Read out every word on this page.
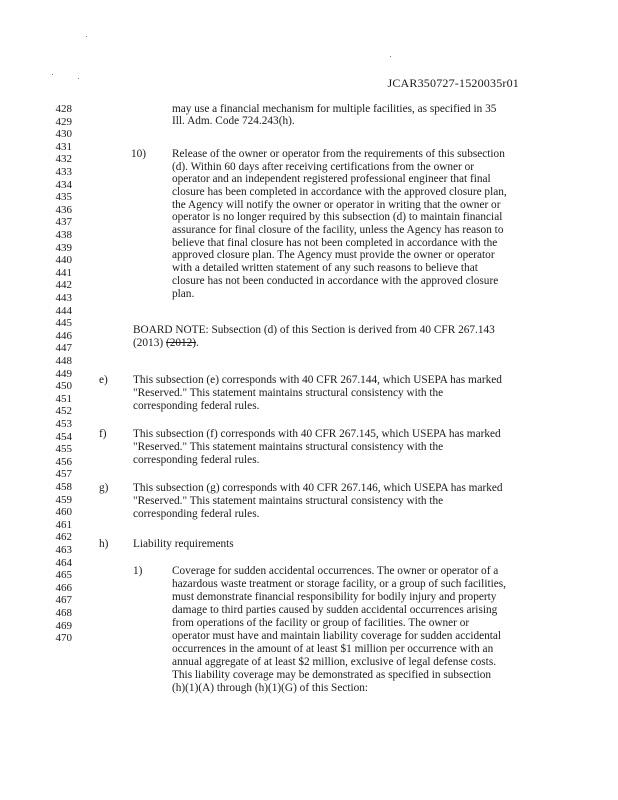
JCAR350727-1520035r01
428
429
430
431
432
433
434
435
436
437
438
439
440
441
442
443
444
445
446
447
448
449
450
451
452
453
454
455
456
457
458
459
460
461
462
463
464
465
466
467
468
469
470
may use a financial mechanism for multiple facilities, as specified in 35
Ill. Adm. Code 724.243(h).
10) Release of the owner or operator from the requirements of this subsection
(d). Within 60 days after receiving certifications from the owner or
operator and an independent registered professional engineer that final
closure has been completed in accordance with the approved closure plan,
the Agency will notify the owner or operator in writing that the owner or
operator is no longer required by this subsection (d) to maintain financial
assurance for final closure of the facility, unless the Agency has reason to
believe that final closure has not been completed in accordance with the
approved closure plan. The Agency must provide the owner or operator
with a detailed written statement of any such reasons to believe that
closure has not been conducted in accordance with the approved closure
plan.
BOARD NOTE: Subsection (d) of this Section is derived from 40 CFR 267.143
(2013) (2012).
e) This subsection (e) corresponds with 40 CFR 267.144, which USEPA has marked
"Reserved." This statement maintains structural consistency with the
corresponding federal rules.
f) This subsection (f) corresponds with 40 CFR 267.145, which USEPA has marked
"Reserved." This statement maintains structural consistency with the
corresponding federal rules.
g) This subsection (g) corresponds with 40 CFR 267.146, which USEPA has marked
"Reserved." This statement maintains structural consistency with the
corresponding federal rules.
h) Liability requirements
1)	Coverage for sudden accidental occurrences. The owner or operator of a
hazardous waste treatment or storage facility, or a group of such facilities,
must demonstrate financial responsibility for bodily injury and property
damage to third parties caused by sudden accidental occurrences arising
from operations of the facility or group of facilities. The owner or
operator must have and maintain liability coverage for sudden accidental
occurrences in the amount of at least $1 million per occurrence with an
annual aggregate of at least $2 million, exclusive of legal defense costs.
This liability coverage may be demonstrated as specified in subsection
(h)(1)(A) through (h)(1)(G) of this Section:
